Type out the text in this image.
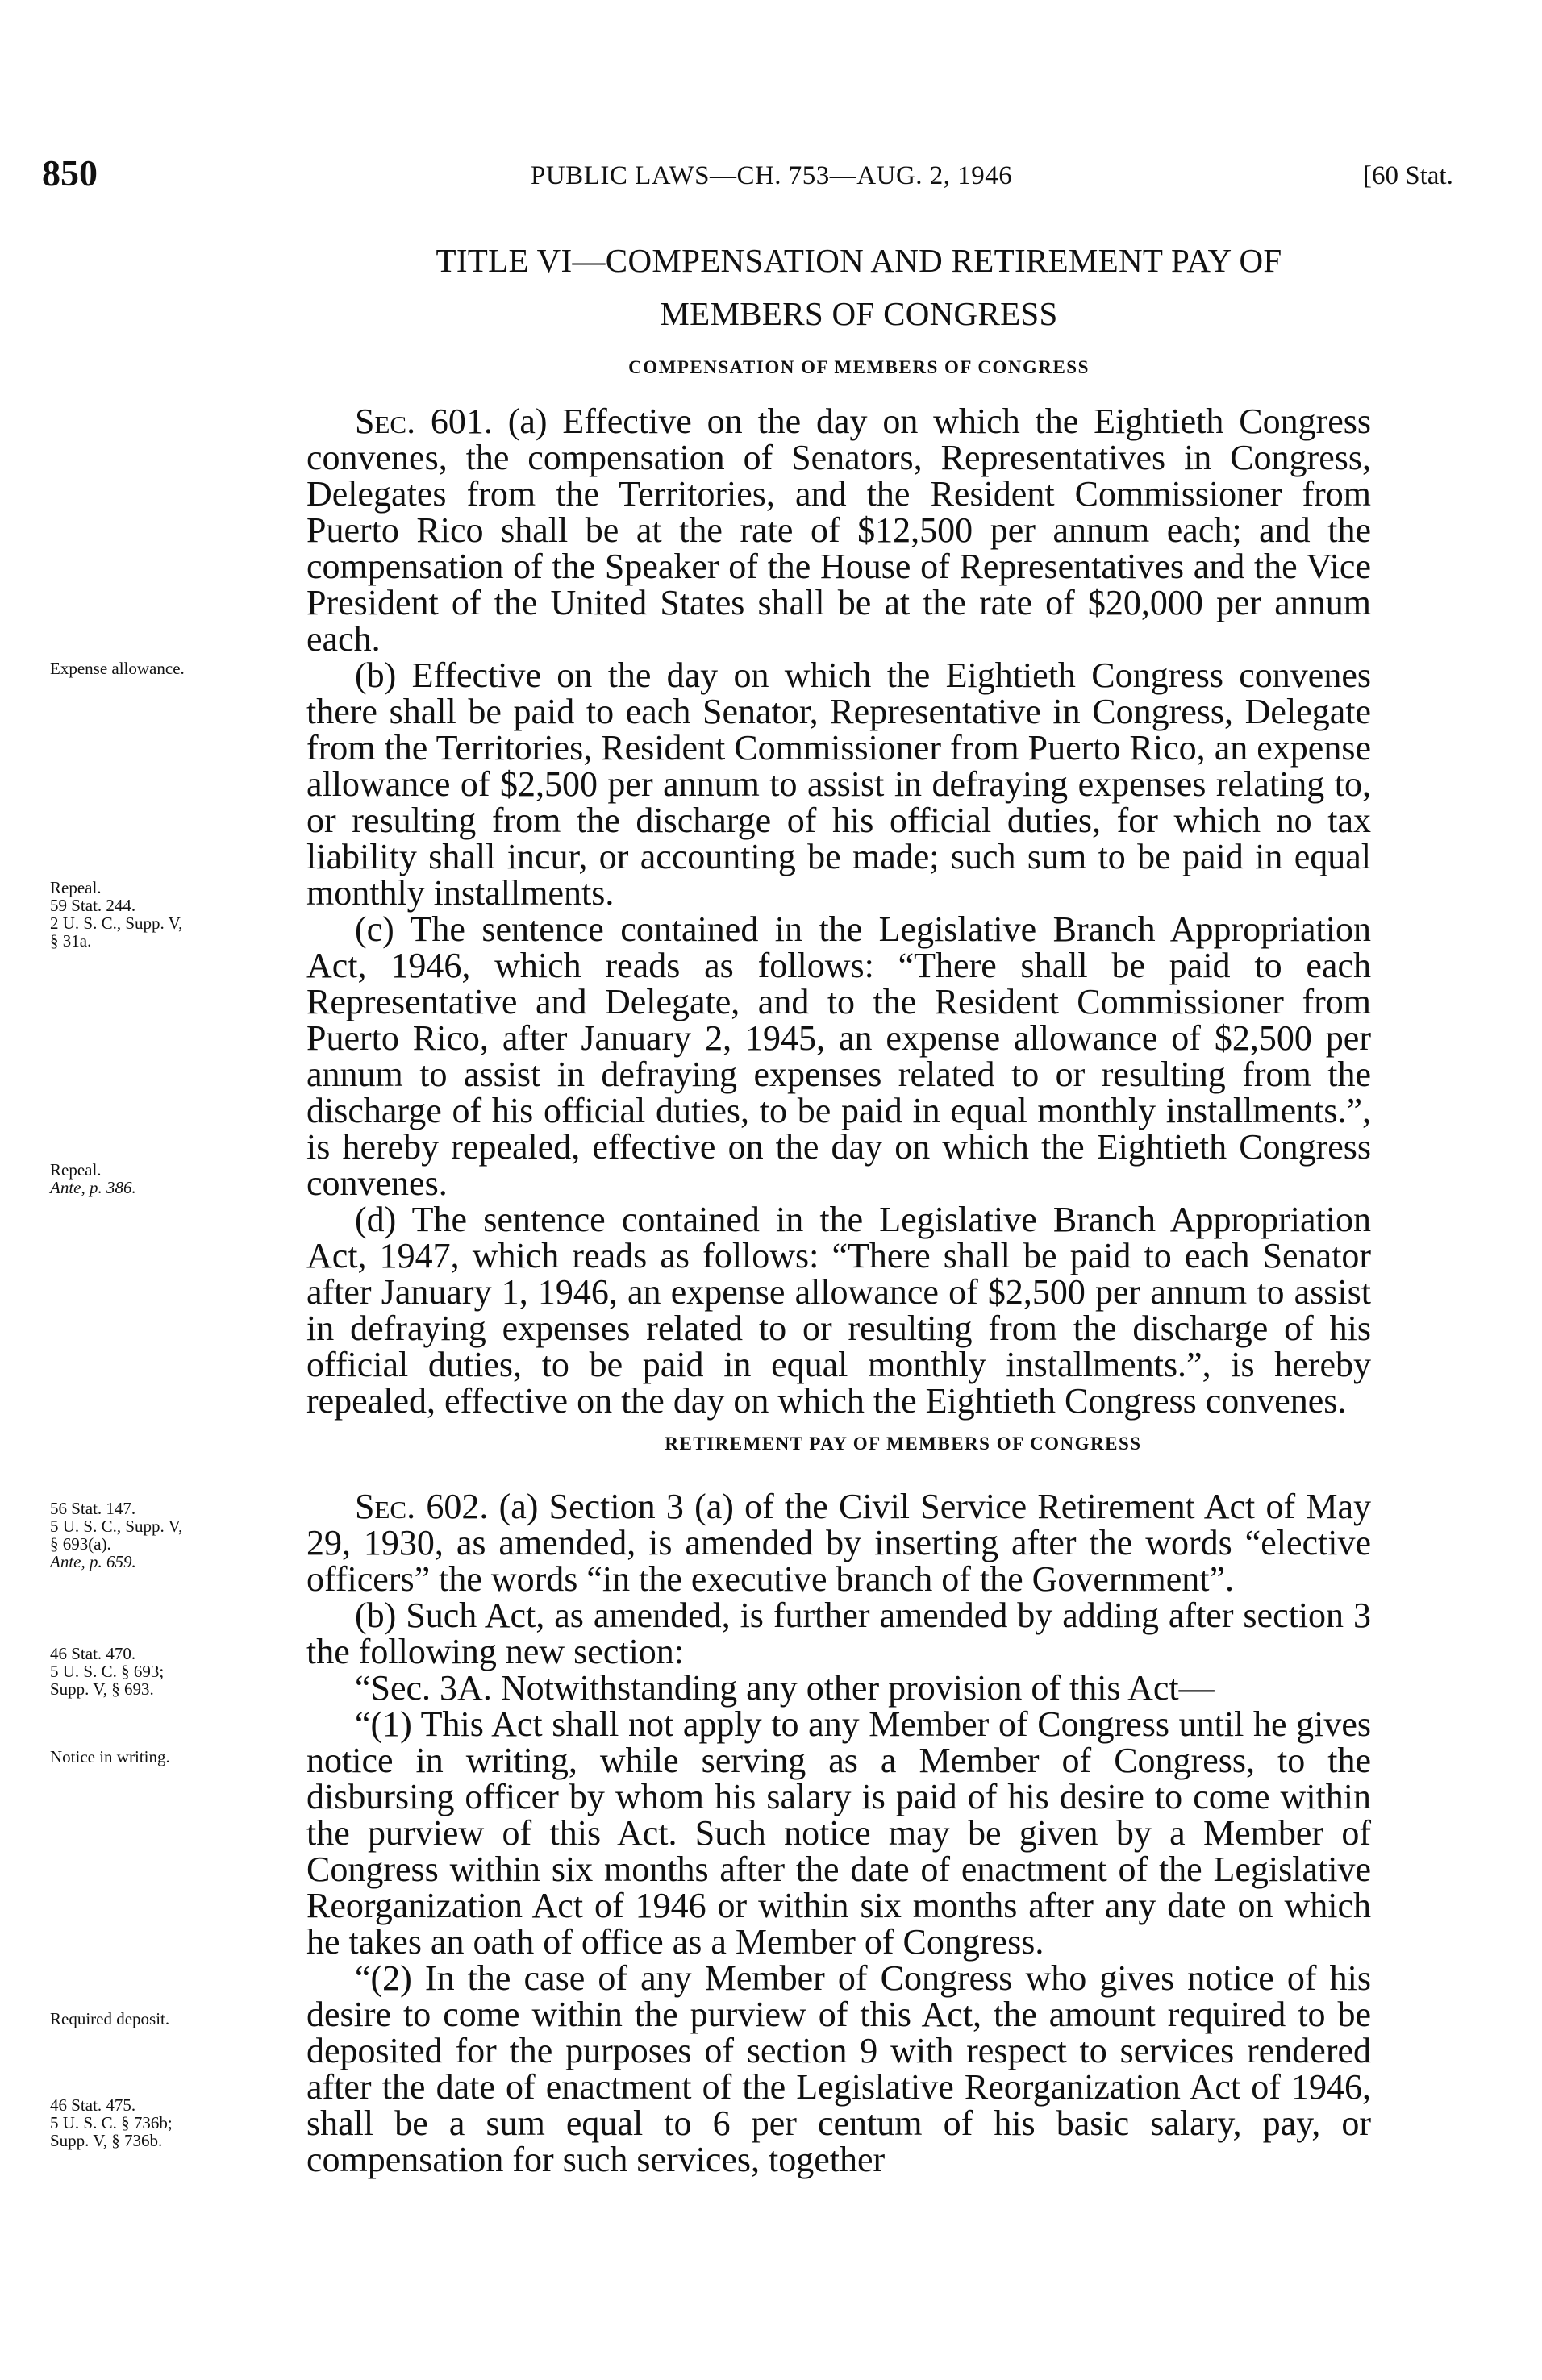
850	PUBLIC LAWS—CH. 753—AUG. 2, 1946	[60 Stat.
TITLE VI—COMPENSATION AND RETIREMENT PAY OF
MEMBERS OF CONGRESS
COMPENSATION OF MEMBERS OF CONGRESS

Sec. 601. (a) Effective on the day on which the Eightieth Congress convenes, the compensation of Senators, Representatives in Congress, Delegates from the Territories, and the Resident Commissioner from Puerto Rico shall be at the rate of $12,500 per annum each; and the compensation of the Speaker of the House of Representatives and the Vice President of the United States shall be at the rate of $20,000 per annum each.

(b) Effective on the day on which the Eightieth Congress convenes there shall be paid to each Senator, Representative in Congress, Delegate from the Territories, Resident Commissioner from Puerto Rico, an expense allowance of $2,500 per annum to assist in defraying expenses relating to, or resulting from the discharge of his official duties, for which no tax liability shall incur, or accounting be made; such sum to be paid in equal monthly installments.

(c) The sentence contained in the Legislative Branch Appropriation Act, 1946, which reads as follows: “There shall be paid to each Representative and Delegate, and to the Resident Commissioner from Puerto Rico, after January 2, 1945, an expense allowance of $2,500 per annum to assist in defraying expenses related to or resulting from the discharge of his official duties, to be paid in equal monthly installments.”, is hereby repealed, effective on the day on which the Eightieth Congress convenes.

(d) The sentence contained in the Legislative Branch Appropriation Act, 1947, which reads as follows: “There shall be paid to each Senator after January 1, 1946, an expense allowance of $2,500 per annum to assist in defraying expenses related to or resulting from the discharge of his official duties, to be paid in equal monthly installments.”, is hereby repealed, effective on the day on which the Eightieth Congress convenes.

RETIREMENT PAY OF MEMBERS OF CONGRESS

Sec. 602. (a) Section 3 (a) of the Civil Service Retirement Act of May 29, 1930, as amended, is amended by inserting after the words “elective officers” the words “in the executive branch of the Government”.

(b) Such Act, as amended, is further amended by adding after section 3 the following new section:

“Sec. 3A. Notwithstanding any other provision of this Act—

“(1) This Act shall not apply to any Member of Congress until he gives notice in writing, while serving as a Member of Congress, to the disbursing officer by whom his salary is paid of his desire to come within the purview of this Act. Such notice may be given by a Member of Congress within six months after the date of enactment of the Legislative Reorganization Act of 1946 or within six months after any date on which he takes an oath of office as a Member of Congress.

“(2) In the case of any Member of Congress who gives notice of his desire to come within the purview of this Act, the amount required to be deposited for the purposes of section 9 with respect to services rendered after the date of enactment of the Legislative Reorganization Act of 1946, shall be a sum equal to 6 per centum of his basic salary, pay, or compensation for such services, together

Expense allowance.
Repeal.
59 Stat. 244.
2 U. S. C., Supp. V,
§ 31a.
Repeal.
Ante, p. 386.
56 Stat. 147.
5 U. S. C., Supp. V,
§ 693(a).
Ante, p. 659.
46 Stat. 470.
5 U. S. C. § 693;
Supp. V, § 693.
Notice in writing.
Required deposit.
46 Stat. 475.
5 U. S. C. § 736b;
Supp. V, § 736b.
